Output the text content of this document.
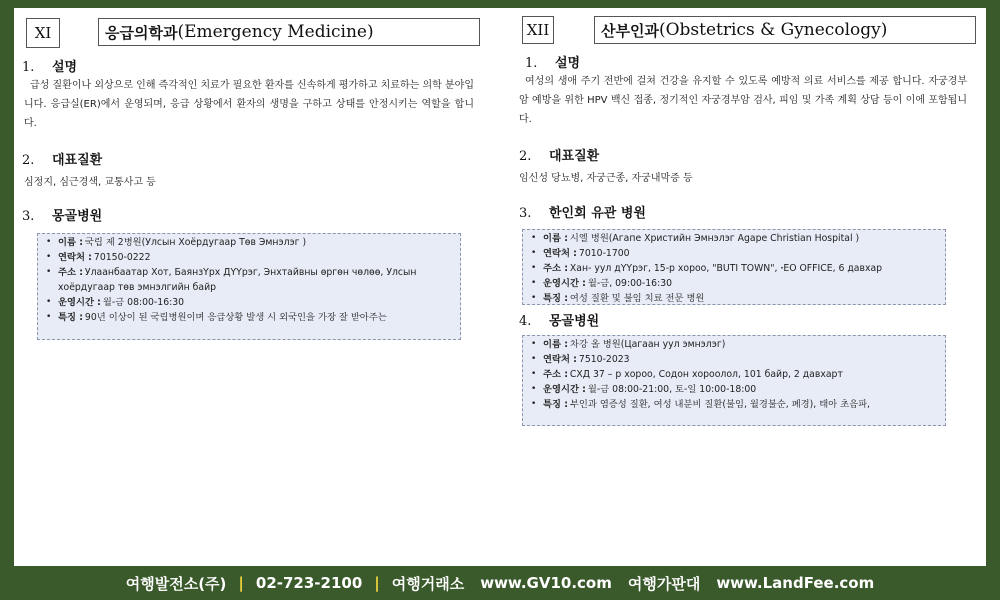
XI	응급의학과 (Emergency Medicine)
1. 설명
급성 질환이나 외상으로 인해 즉각적인 치료가 필요한 환자를 신속하게 평가하고 치료하는 의학 분야입니다. 응급실(ER)에서 운영되며, 응급 상황에서 환자의 생명을 구하고 상태를 안정시키는 역할을 합니다.
2. 대표질환
심정지, 심근경색, 교통사고 등
3. 몽골병원
• 이름 : 국립 제 2병원(Улсын Хоёрдугаар Төв Эмнэлэг )
• 연락처 : 70150-0222
• 주소 : Улаанбаатар Хот, БаянзҮрх ДҮҮрэг, Энхтайвны өргөн чөлөө, Улсын хоёрдугаар төв эмнэлгийн байр
• 운영시간 : 월-금 08:00-16:30
• 특징 : 90년 이상이 된 국립병원이며 응급상황 발생 시 외국인을 가장 잘 받아주는
XII	산부인과 (Obstetrics & Gynecology)
1. 설명
여성의 생애 주기 전반에 걸쳐 건강을 유지할 수 있도록 예방적 의료 서비스를 제공 합니다. 자궁경부암 예방을 위한 HPV 백신 접종, 정기적인 자궁경부암 검사, 피임 및 가족 계획 상담 등이 이에 포함됩니다.
2. 대표질환
임신성 당뇨병, 자궁근종, 자궁내막증 등
3. 한인회 유관 병원
• 이름 : 시엘 병원(Агапе Христийн Эмнэлэг Agape Christian Hospital )
• 연락처 : 7010-1700
• 주소 : Хан- уул дҮҮрэг, 15-р хороо, "BUTI TOWN", ꞏEO OFFICE, 6 давхар
• 운영시간 : 월-금, 09:00-16:30
• 특징 : 여성 질환 및 불임 치료 전문 병원
4. 몽골병원
• 이름 : 차강 올 병원(Цагаан уул эмнэлэг)
• 연락처 : 7510-2023
• 주소 : СХД 37 – р хороо, Содон хороолол, 101 байр, 2 давхарт
• 운영시간 : 월-금 08:00-21:00, 토-일 10:00-18:00
• 특징 : 부인과 염증성 질환, 여성 내분비 질환(불임, 월경불순, 폐경), 태아 초음파,
여행발전소(주) | 02-723-2100 | 여행거래소 www.GV10.com 여행가판대 www.LandFee.com
